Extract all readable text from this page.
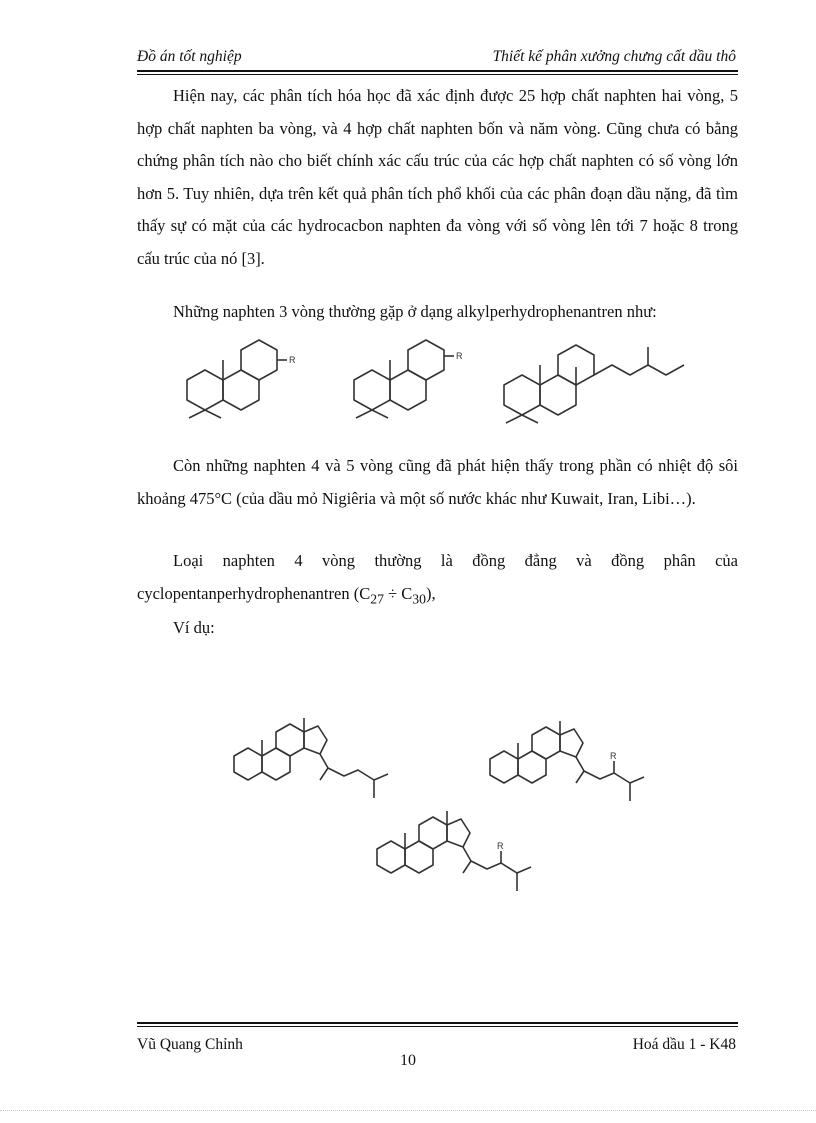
Đồ án tốt nghiệp	Thiết kế phân xưởng chưng cất dầu thô

Hiện nay, các phân tích hóa học đã xác định được 25 hợp chất naphten hai vòng, 5 hợp chất naphten ba vòng, và 4 hợp chất naphten bốn và năm vòng. Cũng chưa có bằng chứng phân tích nào cho biết chính xác cấu trúc của các hợp chất naphten có số vòng lớn hơn 5. Tuy nhiên, dựa trên kết quả phân tích phổ khối của các phân đoạn dầu nặng, đã tìm thấy sự có mặt của các hydrocacbon naphten đa vòng với số vòng lên tới 7 hoặc 8 trong cấu trúc của nó [3].

Những naphten 3 vòng thường gặp ở dạng alkylperhydrophenantren như:

R	R

Còn những naphten 4 và 5 vòng cũng đã phát hiện thấy trong phần có nhiệt độ sôi khoảng 475°C (của dầu mỏ Nigiêria và một số nước khác như Kuwait, Iran, Libi…).

Loại naphten 4 vòng thường là đồng đẳng và đồng phân của cyclopentanperhydrophenantren $(C_{27} \div C_{30})$,

Ví dụ:

R
R
Vũ Quang Chỉnh	Hoá dầu 1 - K48
10
